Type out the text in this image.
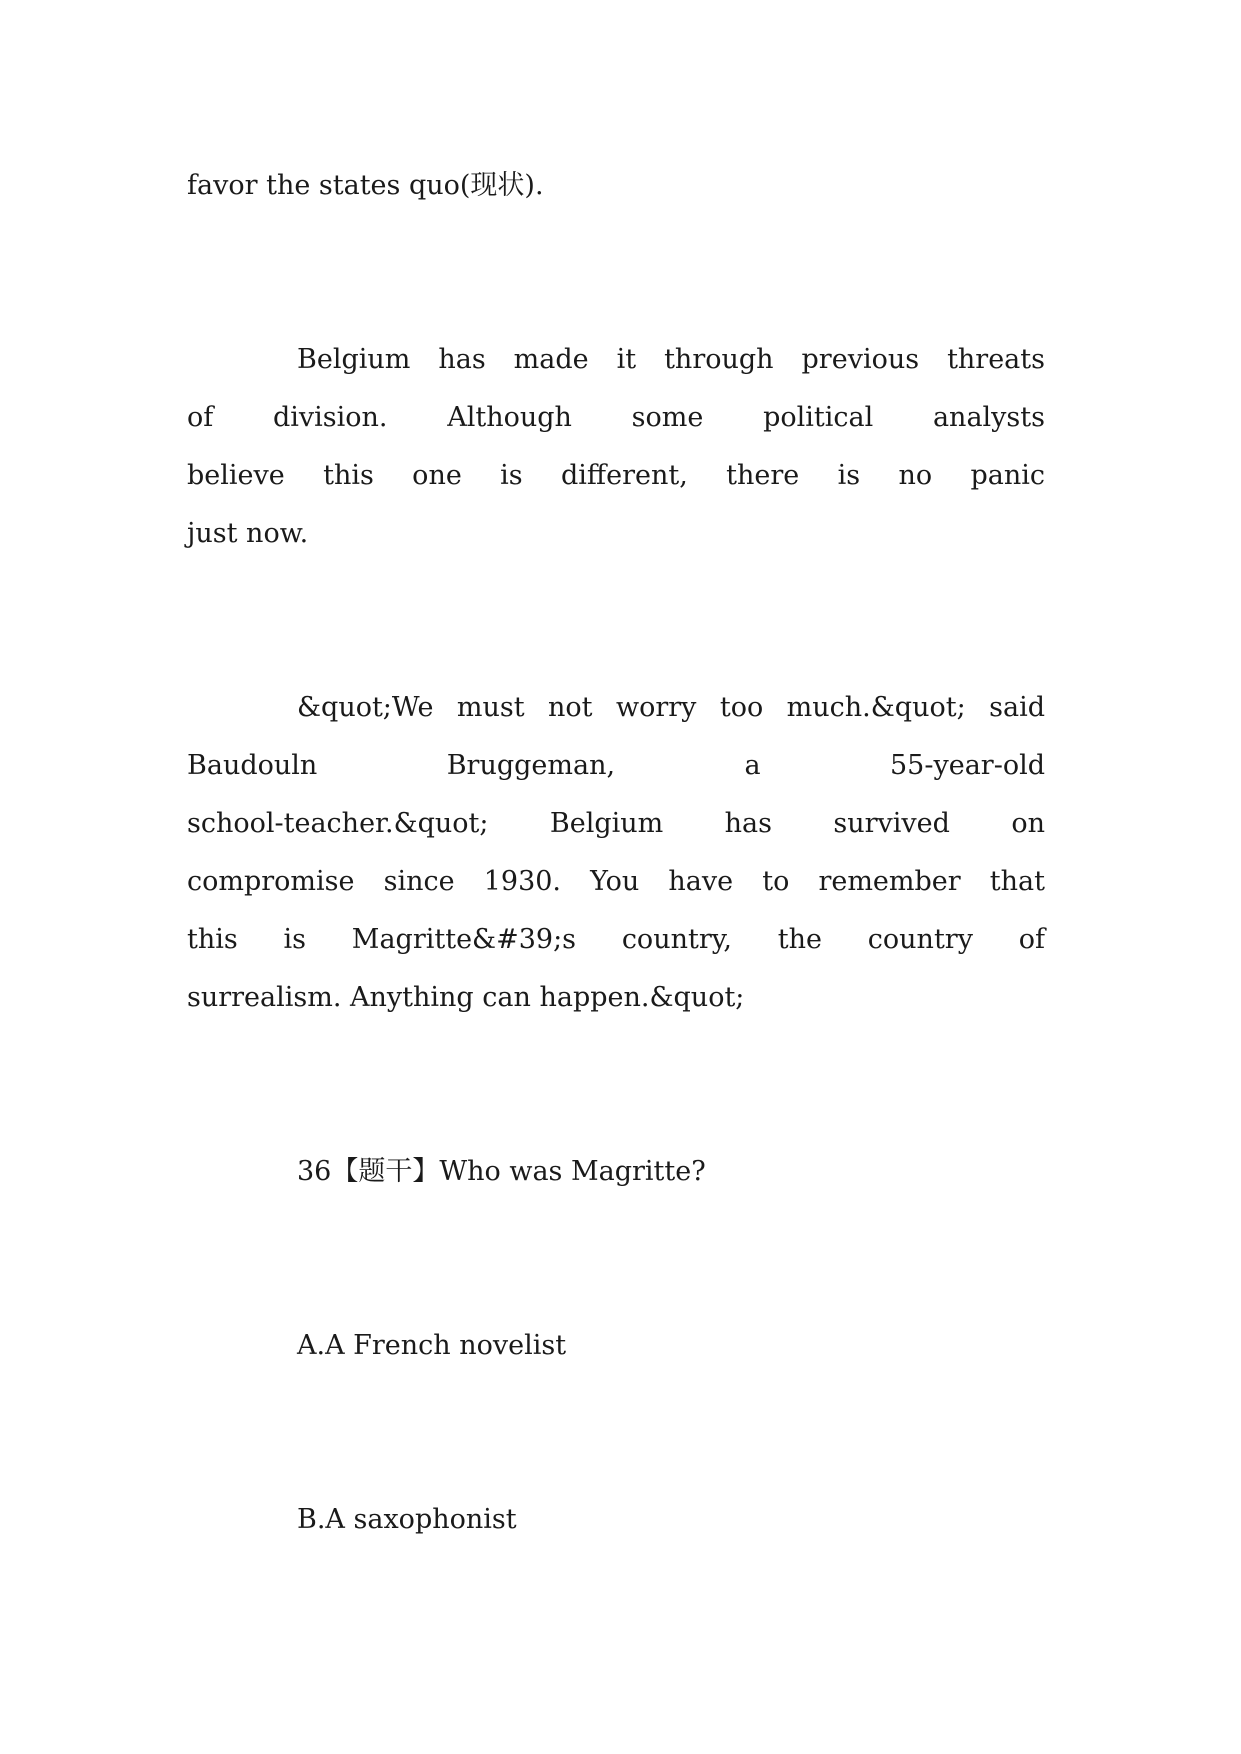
favor the states quo(现状).
Belgium has made it through previous threats
of division. Although some political analysts
believe this one is different, there is no panic
just now.
&quot;We must not worry too much.&quot; said
Baudouln Bruggeman, a 55-year-old
school-teacher.&quot; Belgium has survived on
compromise since 1930. You have to remember that
this is Magritte&#39;s country, the country of
surrealism. Anything can happen.&quot;
36【题干】Who was Magritte?
A.A French novelist
B.A saxophonist
